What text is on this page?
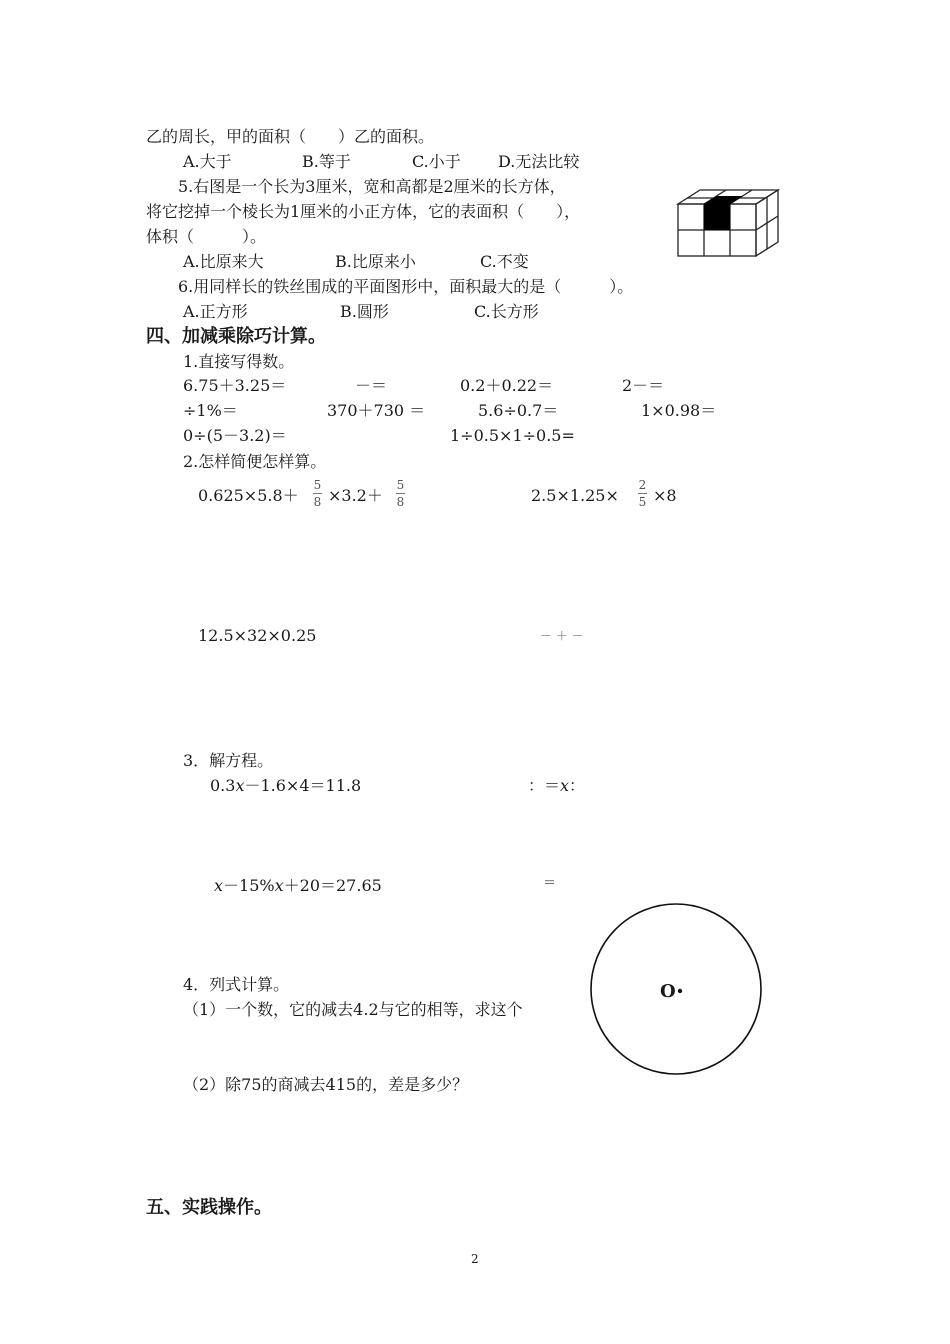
乙的周长，甲的面积（　　）乙的面积。
A.大于	B.等于	C.小于 D.无法比较
5.右图是一个长为3厘米，宽和高都是2厘米的长方体，
将它挖掉一个棱长为1厘米的小正方体，它的表面积（　　），
体积（　　　）。
A.比原来大	B.比原来小	C.不变
6.用同样长的铁丝围成的平面图形中，面积最大的是（　　　）。
A.正方形	B.圆形	C.长方形
四、加减乘除巧计算。
1.直接写得数。
6.75＋3.25＝	－＝	0.2＋0.22＝	2－＝
÷1%＝	370＋730 ＝	5.6÷0.7＝	1×0.98＝
0÷(5－3.2)＝	1÷0.5×1÷0.5=
2.怎样简便怎样算。
0.625×5.8＋
5
8 ×3.2＋
5
8	2.5×1.25×
2
5 ×8
12.5×32×0.25	－ ＋ －
3．解方程。
0.3x－1.6×4＝11.8	：＝x：
x－15%x＋20＝27.65	＝
O
4．列式计算。
（1）一个数，它的减去4.2与它的相等，求这个
（2）除75的商减去415的，差是多少？
五、实践操作。
2
